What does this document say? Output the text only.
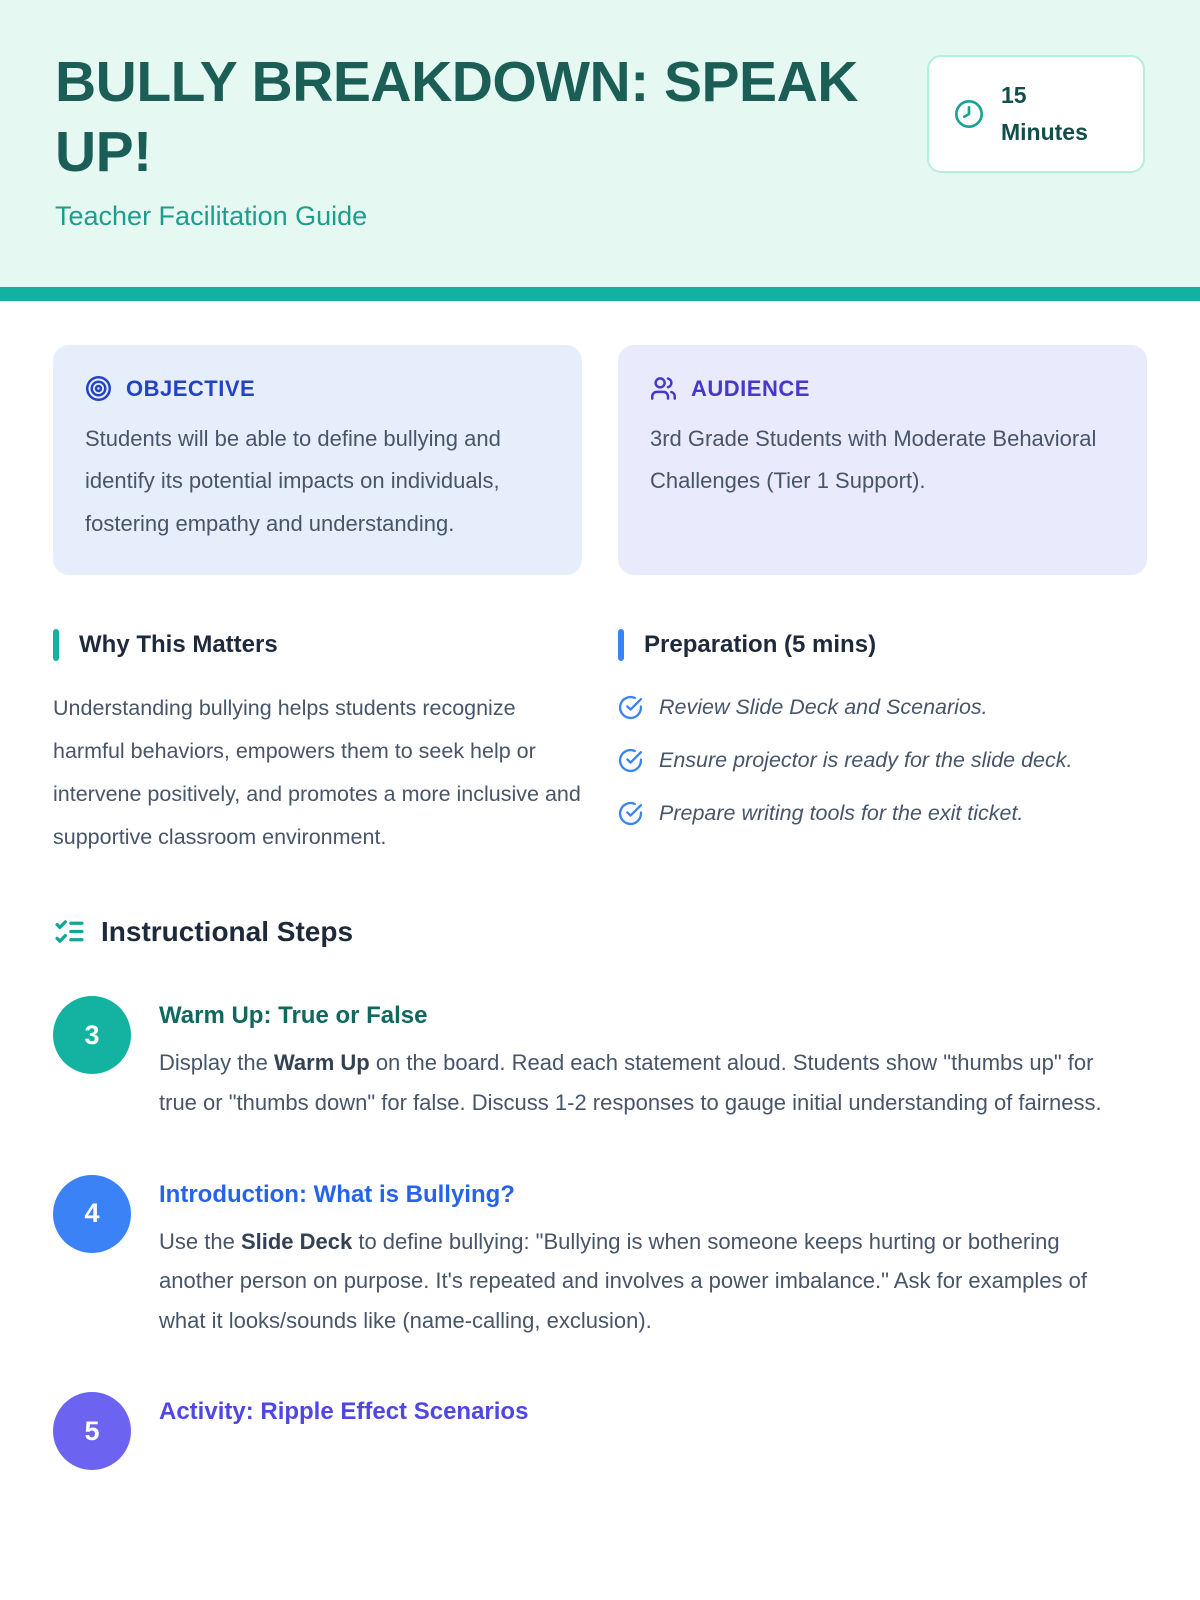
BULLY BREAKDOWN: SPEAK UP!

Teacher Facilitation Guide

15
Minutes
OBJECTIVE

Students will be able to define bullying and identify its potential impacts on individuals, fostering empathy and understanding.

AUDIENCE

3rd Grade Students with Moderate Behavioral Challenges (Tier 1 Support).

Why This Matters

Understanding bullying helps students recognize harmful behaviors, empowers them to seek help or intervene positively, and promotes a more inclusive and supportive classroom environment.

Preparation (5 mins)
Review Slide Deck and Scenarios.
Ensure projector is ready for the slide deck.
Prepare writing tools for the exit ticket.
Instructional Steps
3
Warm Up: True or False

Display the Warm Up on the board. Read each statement aloud. Students show "thumbs up" for true or "thumbs down" for false. Discuss 1-2 responses to gauge initial understanding of fairness.

4
Introduction: What is Bullying?

Use the Slide Deck to define bullying: "Bullying is when someone keeps hurting or bothering another person on purpose. It's repeated and involves a power imbalance." Ask for examples of what it looks/sounds like (name-calling, exclusion).

5
Activity: Ripple Effect Scenarios
